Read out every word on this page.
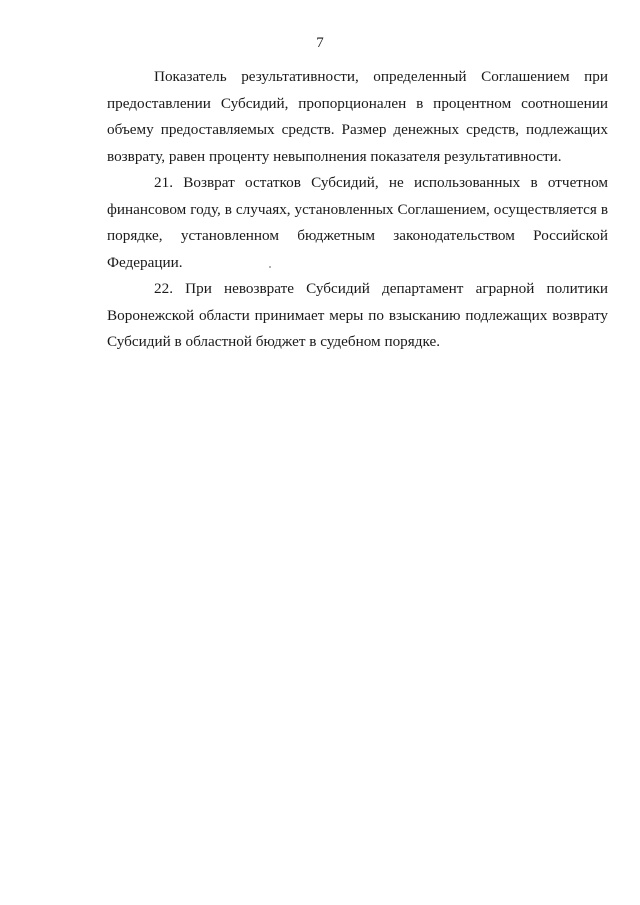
7

Показатель результативности, определенный Соглашением при предоставлении Субсидий, пропорционален в процентном соотношении объему предоставляемых средств. Размер денежных средств, подлежащих возврату, равен проценту невыполнения показателя результативности.

21. Возврат остатков Субсидий, не использованных в отчетном финансовом году, в случаях, установленных Соглашением, осуществляется в порядке, установленном бюджетным законодательством Российской Федерации.

22. При невозврате Субсидий департамент аграрной политики Воронежской области принимает меры по взысканию подлежащих возврату Субсидий в областной бюджет в судебном порядке.
